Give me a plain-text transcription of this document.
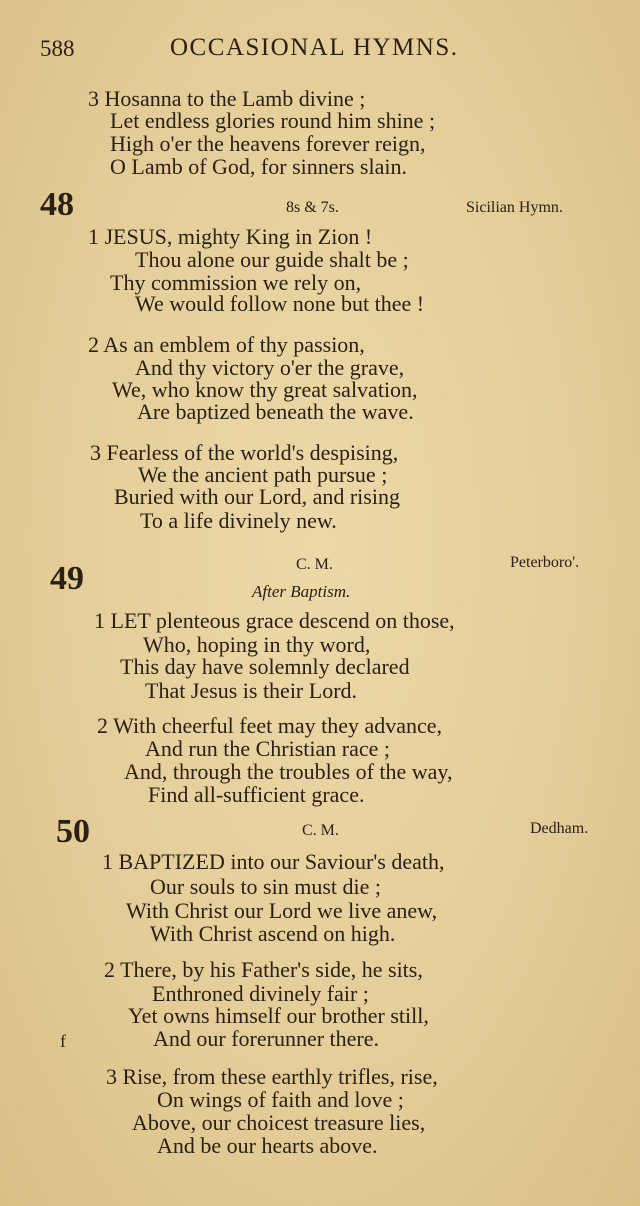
588	OCCASIONAL HYMNS.
3 Hosanna to the Lamb divine ;
Let endless glories round him shine ;
High o'er the heavens forever reign,
O Lamb of God, for sinners slain.
48	8s & 7s.	Sicilian Hymn.
1 JESUS, mighty King in Zion !
Thou alone our guide shalt be ;
Thy commission we rely on,
We would follow none but thee !
2 As an emblem of thy passion,
And thy victory o'er the grave,
We, who know thy great salvation,
Are baptized beneath the wave.
3 Fearless of the world's despising,
We the ancient path pursue ;
Buried with our Lord, and rising
To a life divinely new.
49	C. M.	Peterboro'.
After Baptism.
1 LET plenteous grace descend on those,
Who, hoping in thy word,
This day have solemnly declared
That Jesus is their Lord.
2 With cheerful feet may they advance,
And run the Christian race ;
And, through the troubles of the way,
Find all-sufficient grace.
50	C. M.	Dedham.
1 BAPTIZED into our Saviour's death,
Our souls to sin must die ;
With Christ our Lord we live anew,
With Christ ascend on high.
2 There, by his Father's side, he sits,
Enthroned divinely fair ;
Yet owns himself our brother still,
f	And our forerunner there.
3 Rise, from these earthly trifles, rise,
On wings of faith and love ;
Above, our choicest treasure lies,
And be our hearts above.
